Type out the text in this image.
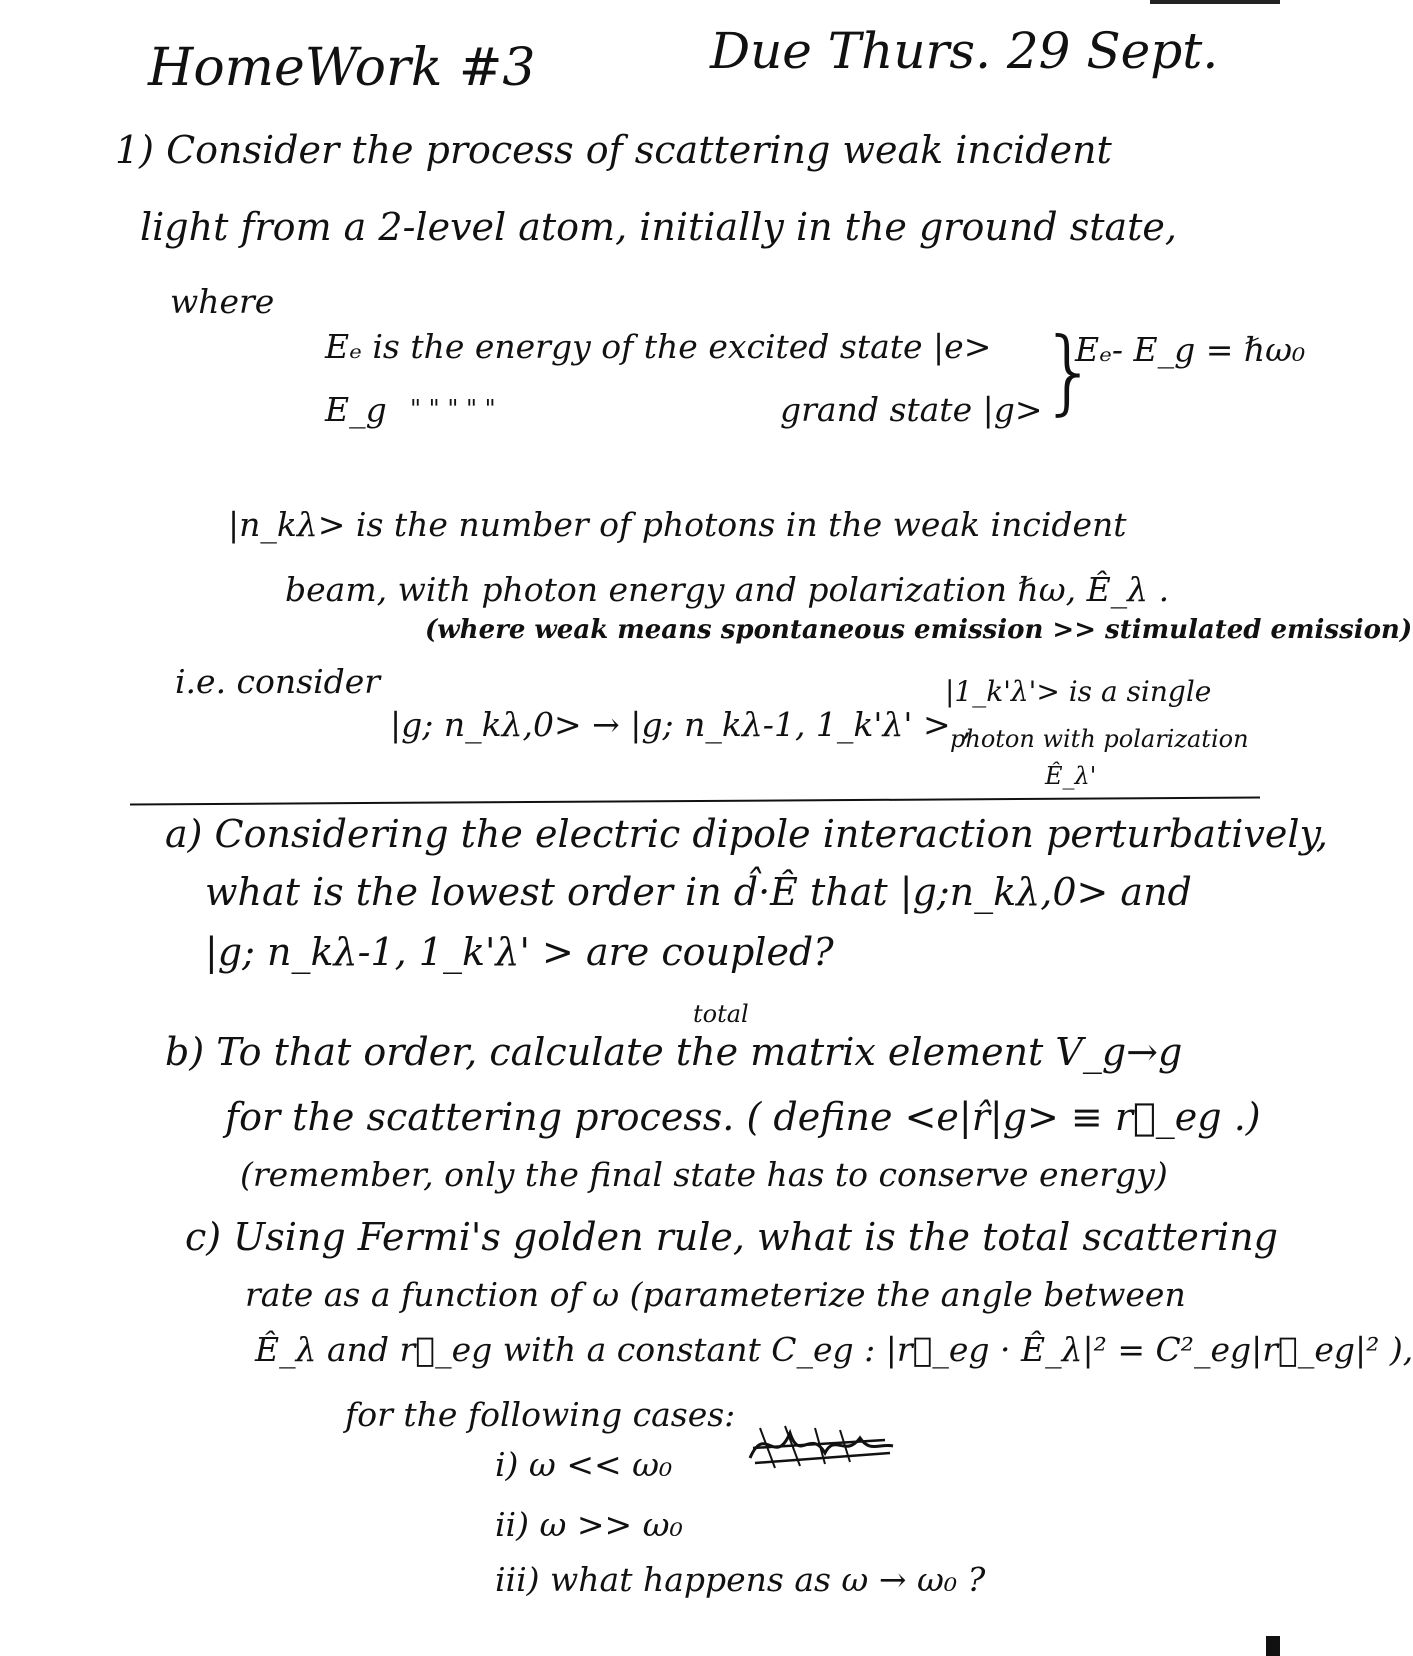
HomeWork #3	Due Thurs. 29 Sept.
1) Consider the process of scattering weak incident
light from a 2-level atom, initially in the ground state,
where
Eₑ is the energy of the excited state |e>
E_g " " " " "	grand state |g>
}
Eₑ- E_g = ℏω₀
|n_kλ> is the number of photons in the weak incident
beam, with photon energy and polarization ℏω, Ê_λ .
(where weak means spontaneous emission >> stimulated emission)
i.e. consider
|g; n_kλ,0> → |g; n_kλ-1, 1_k'λ' > ,
|1_k'λ'> is a single
photon with polarization
Ê_λ'
a) Considering the electric dipole interaction perturbatively,
what is the lowest order in d̂·Ê that |g;n_kλ,0> and
|g; n_kλ-1, 1_k'λ' > are coupled?
total
b) To that order, calculate the matrix element V_g→g
for the scattering process. ( define <e|r̂|g> ≡ r⃗_eg .)
(remember, only the final state has to conserve energy)
c) Using Fermi's golden rule, what is the total scattering
rate as a function of ω (parameterize the angle between
Ê_λ and r⃗_eg with a constant C_eg : |r⃗_eg · Ê_λ|² = C²_eg|r⃗_eg|² ),
for the following cases:
i) ω << ω₀
ii) ω >> ω₀
iii) what happens as ω → ω₀ ?
